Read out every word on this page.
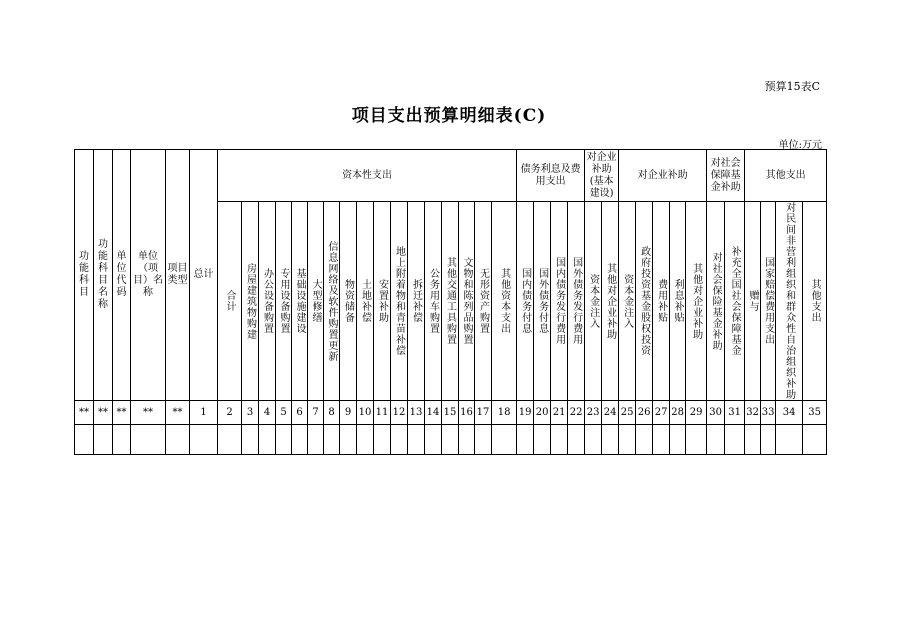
预算15表C
项目支出预算明细表(C)
单位:万元
功能科目	功能科目名称	单位代码	单位（项目）名称	项目类型	总计	资本性支出																	债务利息及费用支出				对企业补助(基本建设)		对企业补助					对社会保障基金补助		其他支出			

						合计	房屋建筑物购建	办公设备购置	专用设备购置	基础设施建设	大型修缮	信息网络及软件购置更新	物资储备	土地补偿	安置补助	地上附着物和青苗补偿	拆迁补偿	公务用车购置	其他交通工具购置	文物和陈列品购置	无形资产购置	其他资本支出	国内债务付息	国外债务付息	国内债务发行费用	国外债务发行费用	资本金注入	其他对企业补助	资本金注入	政府投资基金股权投资	费用补贴	利息补贴	其他对企业补助	对社会保险基金补助	补充全国社会保障基金	赠与	国家赔偿费用支出	对民间非营利组织和群众性自治组织补助	其他支出

**	**	**	**	**	1	2	3	4	5	6	7	8	9	10	11	12	13	14	15	16	17	18	19	20	21	22	23	24	25	26	27	28	29	30	31	32	33	34	35
